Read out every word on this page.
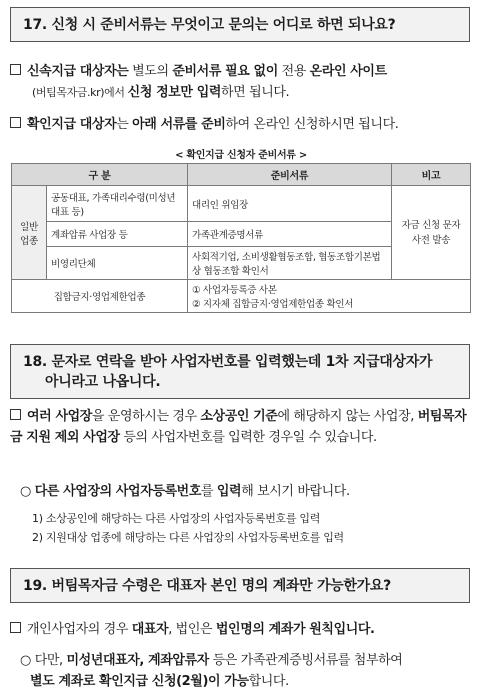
17. 신청 시 준비서류는 무엇이고 문의는 어디로 하면 되나요?
신속지급 대상자는 별도의 준비서류 필요 없이 전용 온라인 사이트
(버팀목자금.kr)에서 신청 정보만 입력하면 됩니다.
확인지급 대상자는 아래 서류를 준비하여 온라인 신청하시면 됩니다.
< 확인지급 신청자 준비서류 >
구 분		준비서류	비고
일반 업종	공동대표, 가족대리수령(미성년대표 등)	대리인 위임장	자금 신청 문자 사전 발송
	계좌압류 사업장 등	가족관계증명서류	
	비영리단체	사회적기업, 소비생활협동조합, 협동조합기본법상 협동조합 확인서	
집합금지·영업제한업종		① 사업자등록증 사본
② 지자체 집합금지·영업제한업종 확인서	
18. 문자로 연락을 받아 사업자번호를 입력했는데 1차 지급대상자가
아니라고 나옵니다.
여러 사업장을 운영하시는 경우 소상공인 기준에 해당하지 않는 사업장, 버팀목자금 지원 제외 사업장 등의 사업자번호를 입력한 경우일 수 있습니다.
○ 다른 사업장의 사업자등록번호를 입력해 보시기 바랍니다.
1) 소상공인에 해당하는 다른 사업장의 사업자등록번호를 입력
2) 지원대상 업종에 해당하는 다른 사업장의 사업자등록번호를 입력
19. 버팀목자금 수령은 대표자 본인 명의 계좌만 가능한가요?
개인사업자의 경우 대표자, 법인은 법인명의 계좌가 원칙입니다.
○ 다만, 미성년대표자, 계좌압류자 등은 가족관계증빙서류를 첨부하여
별도 계좌로 확인지급 신청(2월)이 가능합니다.
